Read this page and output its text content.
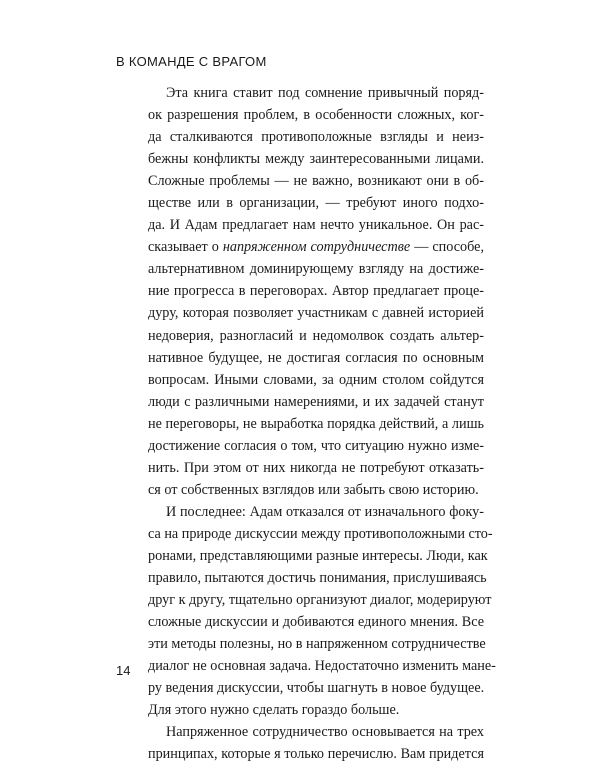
В КОМАНДЕ С ВРАГОМ
Эта книга ставит под сомнение привычный поряд-
ок разрешения проблем, в особенности сложных, ког-
да сталкиваются противоположные взгляды и неиз-
бежны конфликты между заинтересованными лицами.
Сложные проблемы — не важно, возникают они в об-
ществе или в организации, — требуют иного подхо-
да. И Адам предлагает нам нечто уникальное. Он рас-
сказывает о напряженном сотрудничестве — способе,
альтернативном доминирующему взгляду на достиже-
ние прогресса в переговорах. Автор предлагает проце-
дуру, которая позволяет участникам с давней историей
недоверия, разногласий и недомолвок создать альтер-
нативное будущее, не достигая согласия по основным
вопросам. Иными словами, за одним столом сойдутся
люди с различными намерениями, и их задачей станут
не переговоры, не выработка порядка действий, а лишь
достижение согласия о том, что ситуацию нужно изме-
нить. При этом от них никогда не потребуют отказать-
ся от собственных взглядов или забыть свою историю.
И последнее: Адам отказался от изначального фоку-
са на природе дискуссии между противоположными сто-
ронами, представляющими разные интересы. Люди, как
правило, пытаются достичь понимания, прислушиваясь
друг к другу, тщательно организуют диалог, модерируют
сложные дискуссии и добиваются единого мнения. Все
эти методы полезны, но в напряженном сотрудничестве
диалог не основная задача. Недостаточно изменить мане-
ру ведения дискуссии, чтобы шагнуть в новое будущее.
Для этого нужно сделать гораздо больше.
Напряженное сотрудничество основывается на трех
принципах, которые я только перечислю. Вам придется
14
